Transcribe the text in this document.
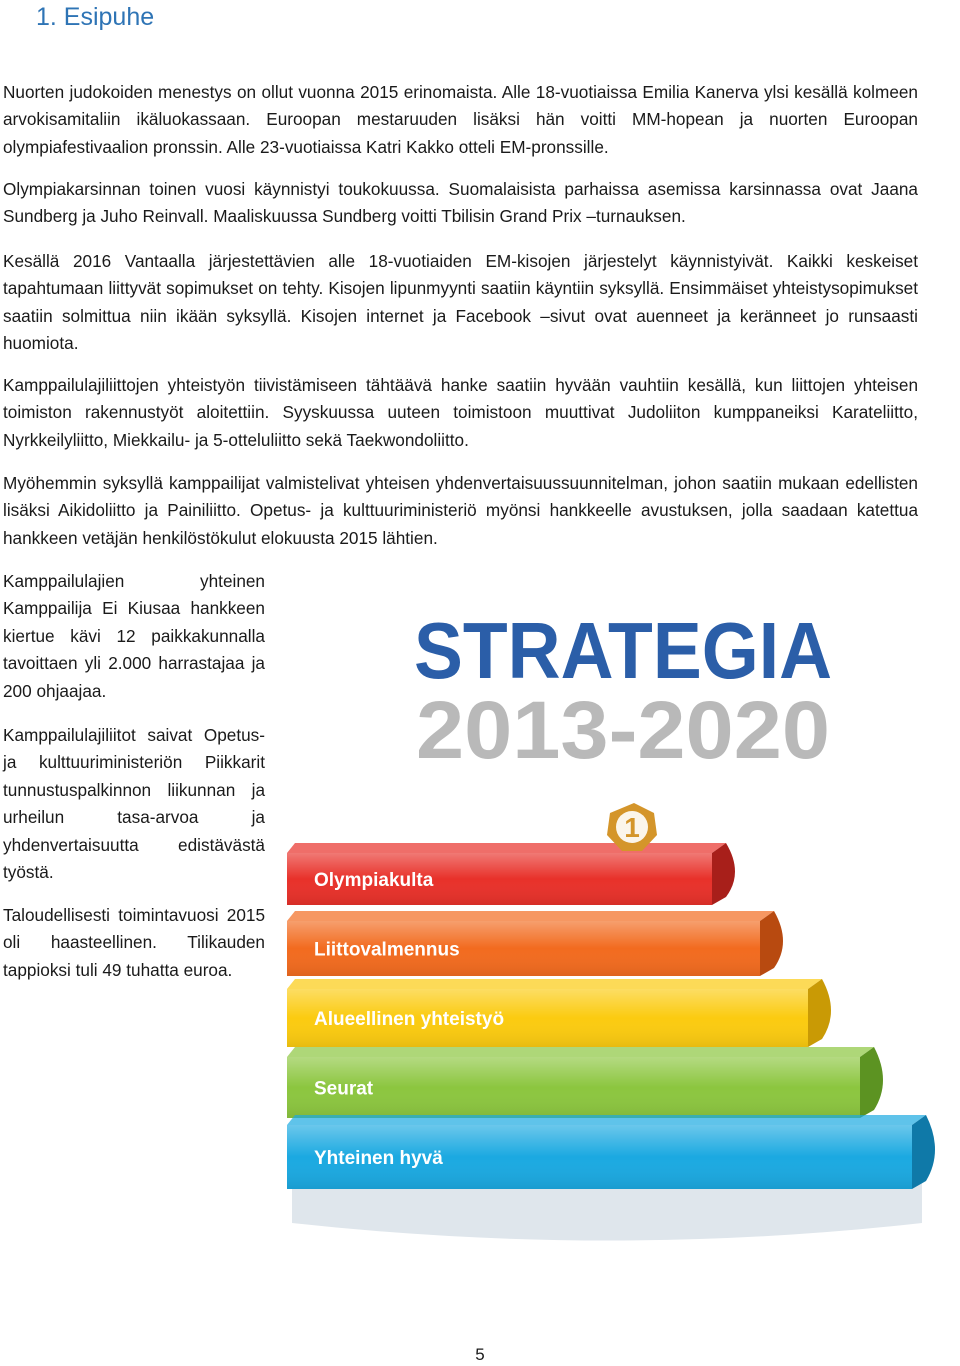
1. Esipuhe

Nuorten judokoiden menestys on ollut vuonna 2015 erinomaista. Alle 18-vuotiaissa Emilia Kanerva ylsi kesällä kolmeen arvokisamitaliin ikäluokassaan. Euroopan mestaruuden lisäksi hän voitti MM-hopean ja nuorten Euroopan olympiafestivaalion pronssin. Alle 23-vuotiaissa Katri Kakko otteli EM-pronssille.

Olympiakarsinnan toinen vuosi käynnistyi toukokuussa. Suomalaisista parhaissa asemissa karsinnassa ovat Jaana Sundberg ja Juho Reinvall. Maaliskuussa Sundberg voitti Tbilisin Grand Prix –turnauksen.

Kesällä 2016 Vantaalla järjestettävien alle 18-vuotiaiden EM-kisojen järjestelyt käynnistyivät. Kaikki keskeiset tapahtumaan liittyvät sopimukset on tehty. Kisojen lipunmyynti saatiin käyntiin syksyllä. Ensimmäiset yhteistysopimukset saatiin solmittua niin ikään syksyllä. Kisojen internet ja Facebook –sivut ovat auenneet ja keränneet jo runsaasti huomiota.

Kamppailulajiliittojen yhteistyön tiivistämiseen tähtäävä hanke saatiin hyvään vauhtiin kesällä, kun liittojen yhteisen toimiston rakennustyöt aloitettiin. Syyskuussa uuteen toimistoon muuttivat Judoliiton kumppaneiksi Karateliitto, Nyrkkeilyliitto, Miekkailu- ja 5-otteluliitto sekä Taekwondoliitto.

Myöhemmin syksyllä kamppailijat valmistelivat yhteisen yhdenvertaisuussuunnitelman, johon saatiin mukaan edellisten lisäksi Aikidoliitto ja Painiliitto. Opetus- ja kulttuuriministeriö myönsi hankkeelle avustuksen, jolla saadaan katettua hankkeen vetäjän henkilöstökulut elokuusta 2015 lähtien.

Kamppailulajien yhteinen Kamppailija Ei Kiusaa hankkeen kiertue kävi 12 paikkakunnalla tavoittaen yli 2.000 harrastajaa ja 200 ohjaajaa.

Kamppailulajiliitot saivat Opetus- ja kulttuuriministeriön Piikkarit tunnustuspalkinnon liikunnan ja urheilun tasa-arvoa ja yhdenvertaisuutta edistävästä työstä.

Taloudellisesti toimintavuosi 2015 oli haasteellinen. Tilikauden tappioksi tuli 49 tuhatta euroa.

STRATEGIA
2013-2020
Olympiakulta
Liittovalmennus
Alueellinen yhteistyö
Seurat
Yhteinen hyvä
1

5
